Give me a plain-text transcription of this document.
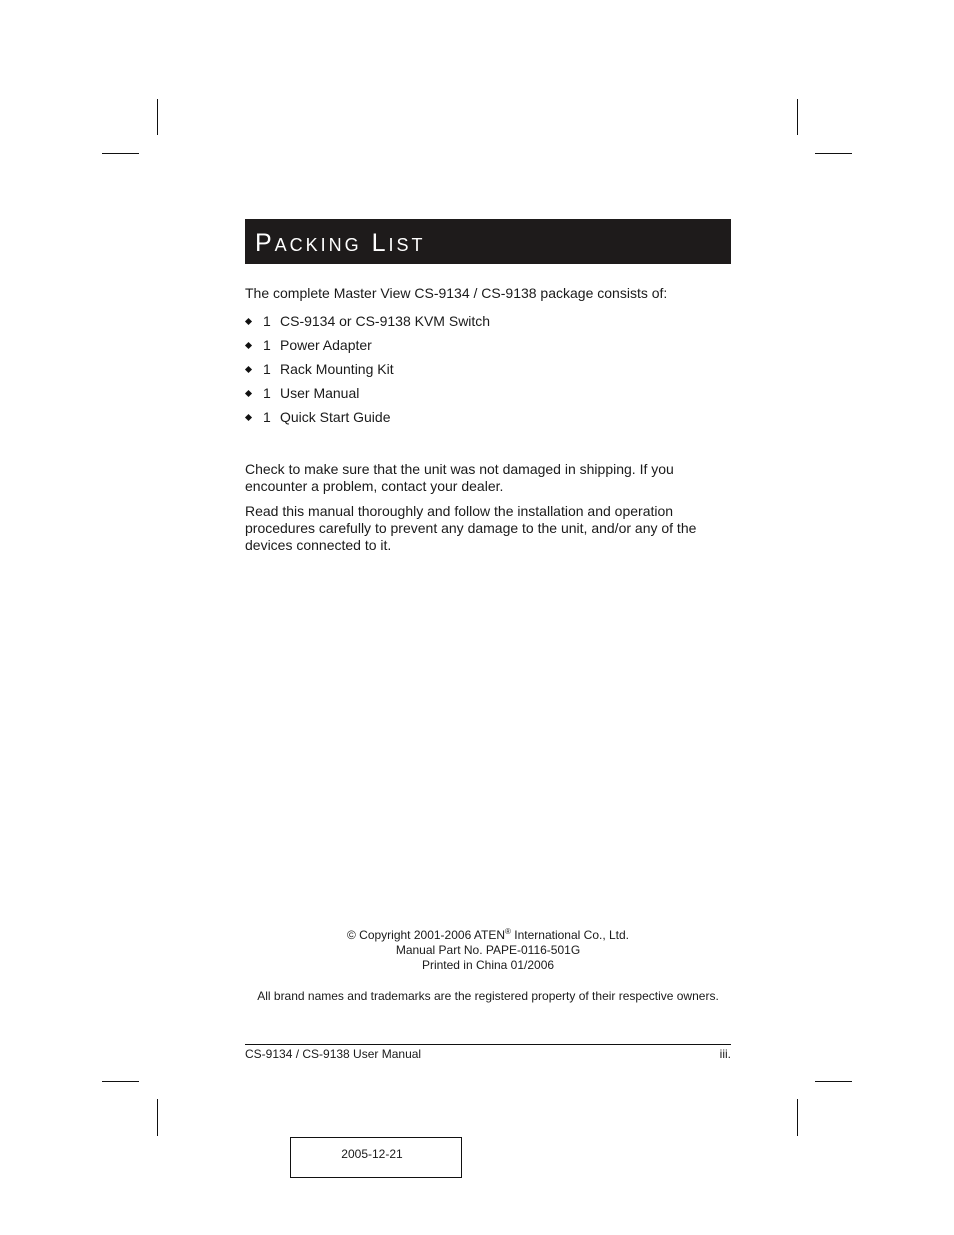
Packing List

The complete Master View CS-9134 / CS-9138 package consists of:

1 CS-9134 or CS-9138 KVM Switch
1 Power Adapter
1 Rack Mounting Kit
1 User Manual
1 Quick Start Guide

Check to make sure that the unit was not damaged in shipping. If you encounter a problem, contact your dealer.

Read this manual thoroughly and follow the installation and operation procedures carefully to prevent any damage to the unit, and/or any of the devices connected to it.

© Copyright 2001-2006 ATEN® International Co., Ltd.
Manual Part No. PAPE-0116-501G
Printed in China 01/2006
All brand names and trademarks are the registered property of their respective owners.
CS-9134 / CS-9138 User Manual	iii.
2005-12-21
